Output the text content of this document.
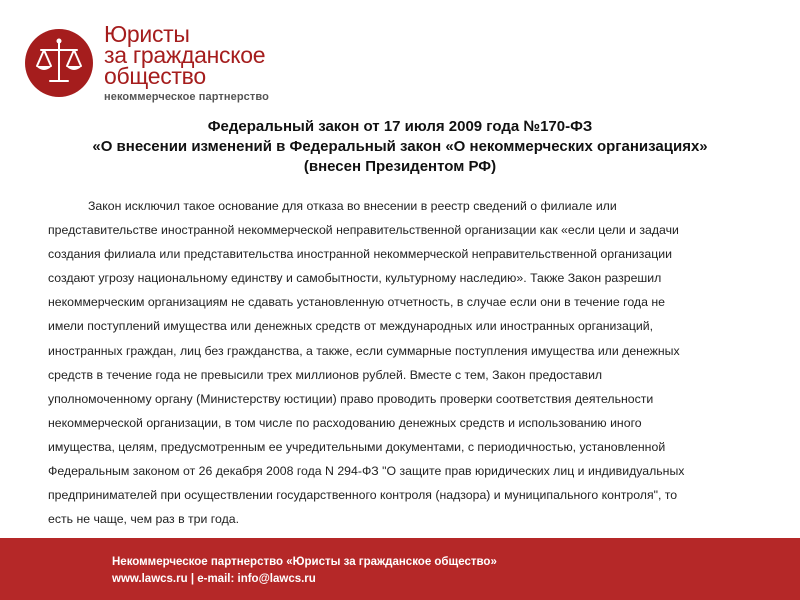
Юристы
за гражданское
общество
некоммерческое партнерство
Федеральный закон от 17 июля 2009 года №170-ФЗ
«О внесении изменений в Федеральный закон «О некоммерческих организациях»
(внесен Президентом РФ)
Закон исключил такое основание для отказа во внесении в реестр сведений о филиале или
представительстве иностранной некоммерческой неправительственной организации как «если цели и задачи
создания филиала или представительства иностранной некоммерческой неправительственной организации
создают угрозу национальному единству и самобытности, культурному наследию». Также Закон разрешил
некоммерческим организациям не сдавать установленную отчетность, в случае если они в течение года не
имели поступлений имущества или денежных средств от международных или иностранных организаций,
иностранных граждан, лиц без гражданства, а также, если суммарные поступления имущества или денежных
средств в течение года не превысили трех миллионов рублей. Вместе с тем, Закон предоставил
уполномоченному органу (Министерству юстиции) право проводить проверки соответствия деятельности
некоммерческой организации, в том числе по расходованию денежных средств и использованию иного
имущества, целям, предусмотренным ее учредительными документами, с периодичностью, установленной
Федеральным законом от 26 декабря 2008 года N 294-ФЗ "О защите прав юридических лиц и индивидуальных
предпринимателей при осуществлении государственного контроля (надзора) и муниципального контроля", то
есть не чаще, чем раз в три года.
Некоммерческое партнерство «Юристы за гражданское общество»
www.lawcs.ru | e-mail: info@lawcs.ru
